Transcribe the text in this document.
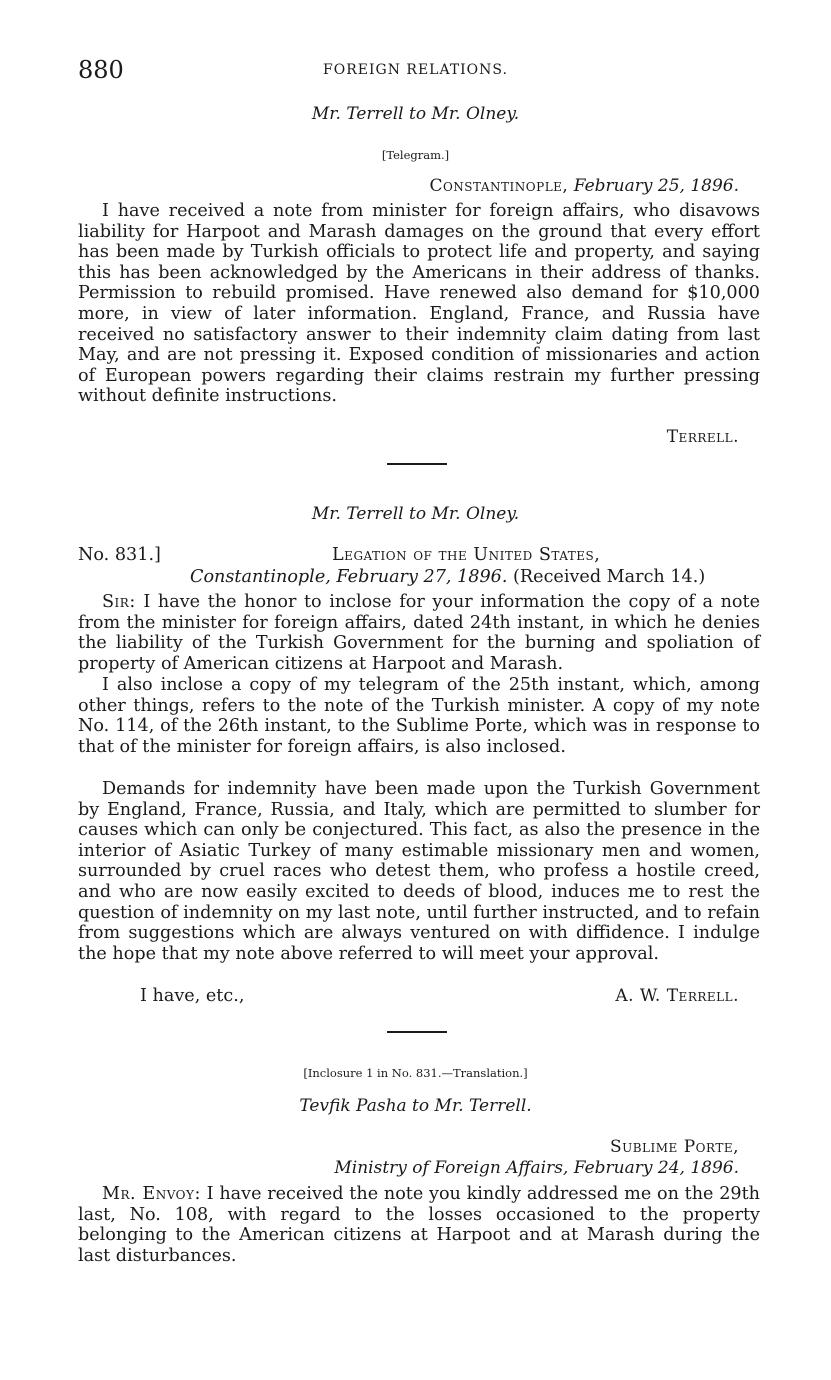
880	FOREIGN RELATIONS.
Mr. Terrell to Mr. Olney.
[Telegram.]
Constantinople, February 25, 1896.
I have received a note from minister for foreign affairs, who disavows liability for Harpoot and Marash damages on the ground that every effort has been made by Turkish officials to protect life and property, and saying this has been acknowledged by the Americans in their address of thanks. Permission to rebuild promised. Have renewed also demand for $10,000 more, in view of later information. England, France, and Russia have received no satisfactory answer to their indemnity claim dating from last May, and are not pressing it. Exposed condition of missionaries and action of European powers regarding their claims restrain my further pressing without definite instructions.
Terrell.
Mr. Terrell to Mr. Olney.
No. 831.]	Legation of the United States,
Constantinople, February 27, 1896. (Received March 14.)
Sir: I have the honor to inclose for your information the copy of a note from the minister for foreign affairs, dated 24th instant, in which he denies the liability of the Turkish Government for the burning and spoliation of property of American citizens at Harpoot and Marash.
I also inclose a copy of my telegram of the 25th instant, which, among other things, refers to the note of the Turkish minister. A copy of my note No. 114, of the 26th instant, to the Sublime Porte, which was in response to that of the minister for foreign affairs, is also inclosed.
Demands for indemnity have been made upon the Turkish Government by England, France, Russia, and Italy, which are permitted to slumber for causes which can only be conjectured. This fact, as also the presence in the interior of Asiatic Turkey of many estimable missionary men and women, surrounded by cruel races who detest them, who profess a hostile creed, and who are now easily excited to deeds of blood, induces me to rest the question of indemnity on my last note, until further instructed, and to refain from suggestions which are always ventured on with diffidence. I indulge the hope that my note above referred to will meet your approval.
I have, etc.,	A. W. Terrell.
[Inclosure 1 in No. 831.—Translation.]
Tevfik Pasha to Mr. Terrell.
Sublime Porte,
Ministry of Foreign Affairs, February 24, 1896.
Mr. Envoy: I have received the note you kindly addressed me on the 29th last, No. 108, with regard to the losses occasioned to the property belonging to the American citizens at Harpoot and at Marash during the last disturbances.
